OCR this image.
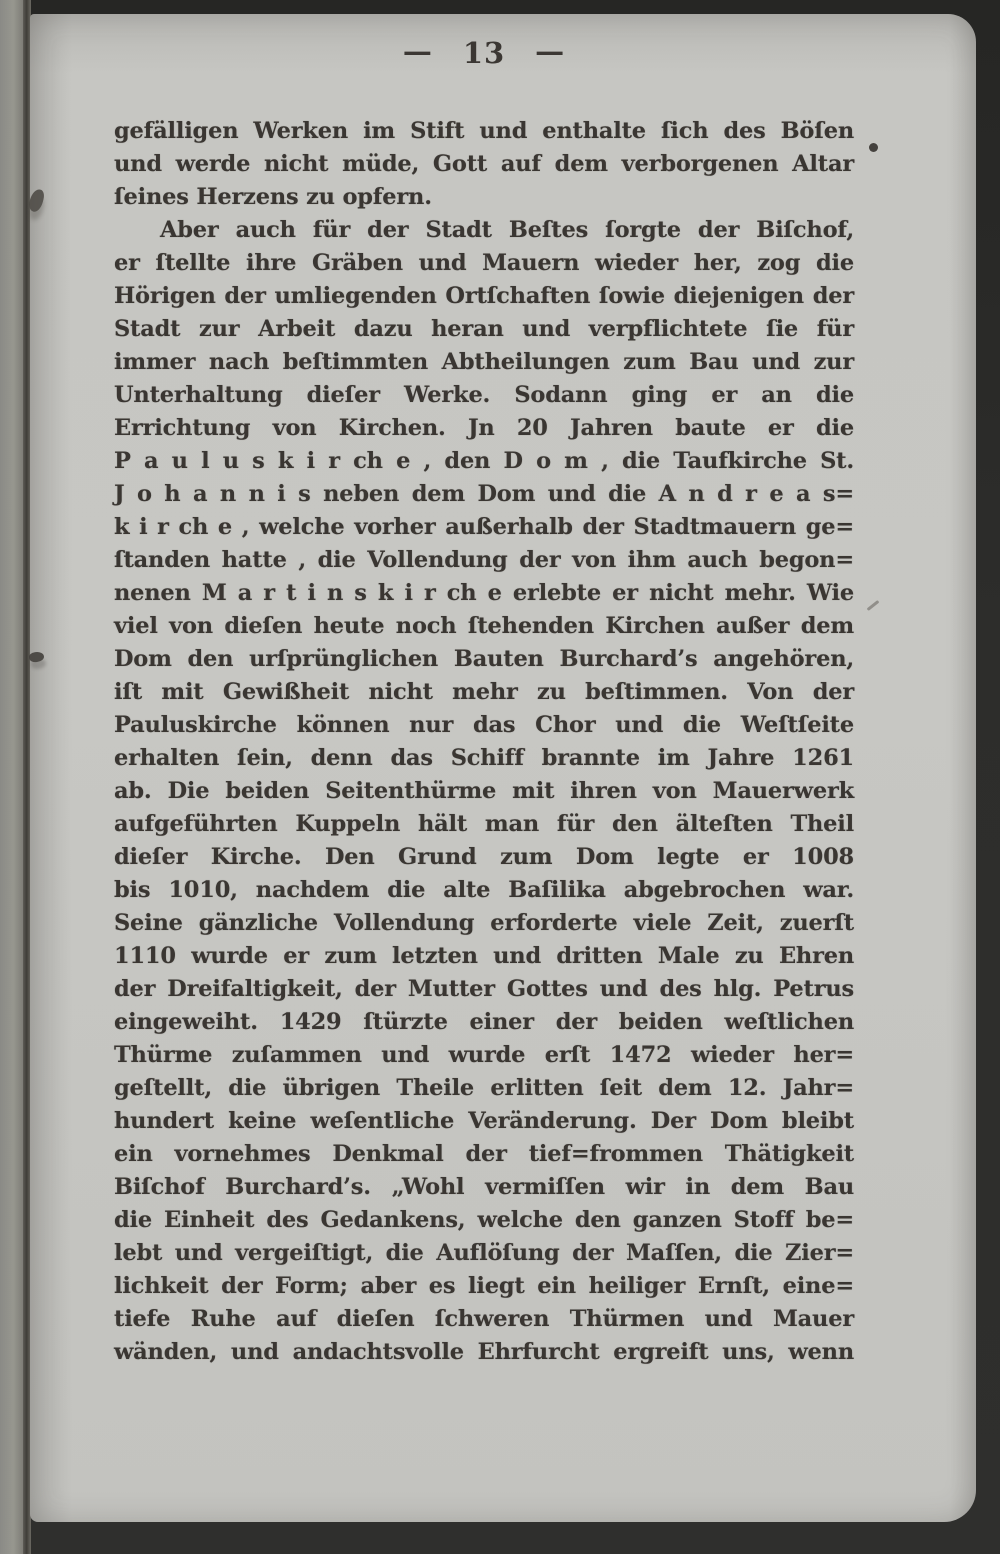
— 13 —
gefälligen Werken im Stift und enthalte ſich des Böſen
und werde nicht müde, Gott auf dem verborgenen Altar
ſeines Herzens zu opfern.
Aber auch für der Stadt Beſtes ſorgte der Biſchof,
er ſtellte ihre Gräben und Mauern wieder her, zog die
Hörigen der umliegenden Ortſchaften ſowie diejenigen der
Stadt zur Arbeit dazu heran und verpflichtete ſie für
immer nach beſtimmten Abtheilungen zum Bau und zur
Unterhaltung dieſer Werke. Sodann ging er an die
Errichtung von Kirchen. Jn 20 Jahren baute er die
P a u l u s k i r ch e , den D o m , die Taufkirche St.
J o h a n n i s neben dem Dom und die A n d r e a s=
k i r ch e , welche vorher außerhalb der Stadtmauern ge=
ſtanden hatte , die Vollendung der von ihm auch begon=
nenen M a r t i n s k i r ch e erlebte er nicht mehr. Wie
viel von dieſen heute noch ſtehenden Kirchen außer dem
Dom den urſprünglichen Bauten Burchard’s angehören,
iſt mit Gewißheit nicht mehr zu beſtimmen. Von der
Pauluskirche können nur das Chor und die Weſtſeite
erhalten ſein, denn das Schiff brannte im Jahre 1261
ab. Die beiden Seitenthürme mit ihren von Mauerwerk
aufgeführten Kuppeln hält man für den älteſten Theil
dieſer Kirche. Den Grund zum Dom legte er 1008
bis 1010, nachdem die alte Baſilika abgebrochen war.
Seine gänzliche Vollendung erforderte viele Zeit, zuerſt
1110 wurde er zum letzten und dritten Male zu Ehren
der Dreifaltigkeit, der Mutter Gottes und des hlg. Petrus
eingeweiht. 1429 ſtürzte einer der beiden weſtlichen
Thürme zuſammen und wurde erſt 1472 wieder her=
geſtellt, die übrigen Theile erlitten ſeit dem 12. Jahr=
hundert keine weſentliche Veränderung. Der Dom bleibt
ein vornehmes Denkmal der tief=frommen Thätigkeit
Biſchof Burchard’s. „Wohl vermiſſen wir in dem Bau
die Einheit des Gedankens, welche den ganzen Stoff be=
lebt und vergeiſtigt, die Auflöſung der Maſſen, die Zier=
lichkeit der Form; aber es liegt ein heiliger Ernſt, eine=
tiefe Ruhe auf dieſen ſchweren Thürmen und Mauer
wänden, und andachtsvolle Ehrfurcht ergreift uns, wenn
